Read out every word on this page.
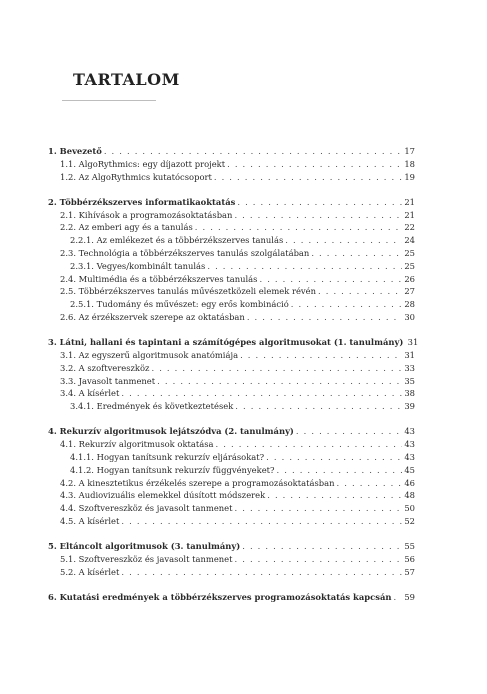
TARTALOM
1. Bevezető . . .	17
1.1. AlgoRythmics: egy díjazott projekt . . .	18
1.2. Az AlgoRythmics kutatócsoport . . .	19
2. Többérzékszerves informatikaoktatás . . .	21
2.1. Kihívások a programozásoktatásban . . .	21
2.2. Az emberi agy és a tanulás . . .	22
2.2.1. Az emlékezet és a többérzékszerves tanulás . . .	24
2.3. Technológia a többérzékszerves tanulás szolgálatában . . .	25
2.3.1. Vegyes/kombinált tanulás . . .	25
2.4. Multimédia és a többérzékszerves tanulás . . .	26
2.5. Többérzékszerves tanulás művészetközeli elemek révén . . .	27
2.5.1. Tudomány és művészet: egy erős kombináció . . .	28
2.6. Az érzékszervek szerepe az oktatásban . . .	30
3. Látni, hallani és tapintani a számítógépes algoritmusokat (1. tanulmány) 31
3.1. Az egyszerű algoritmusok anatómiája . . .	31
3.2. A szoftvereszköz . . .	33
3.3. Javasolt tanmenet . . .	35
3.4. A kísérlet . . .	38
3.4.1. Eredmények és következtetések . . .	39
4. Rekurzív algoritmusok lejátszódva (2. tanulmány) . . .	43
4.1. Rekurzív algoritmusok oktatása . . .	43
4.1.1. Hogyan tanítsunk rekurzív eljárásokat? . . .	43
4.1.2. Hogyan tanítsunk rekurzív függvényeket? . . .	45
4.2. A kinesztetikus érzékelés szerepe a programozásoktatásban . . .	46
4.3. Audiovizuális elemekkel dúsított módszerek . . .	48
4.4. Szoftvereszköz és javasolt tanmenet . . .	50
4.5. A kísérlet . . .	52
5. Eltáncolt algoritmusok (3. tanulmány) . . .	55
5.1. Szoftvereszköz és javasolt tanmenet . . .	56
5.2. A kísérlet . . .	57
6. Kutatási eredmények a többérzékszerves programozásoktatás kapcsán . . . 59
